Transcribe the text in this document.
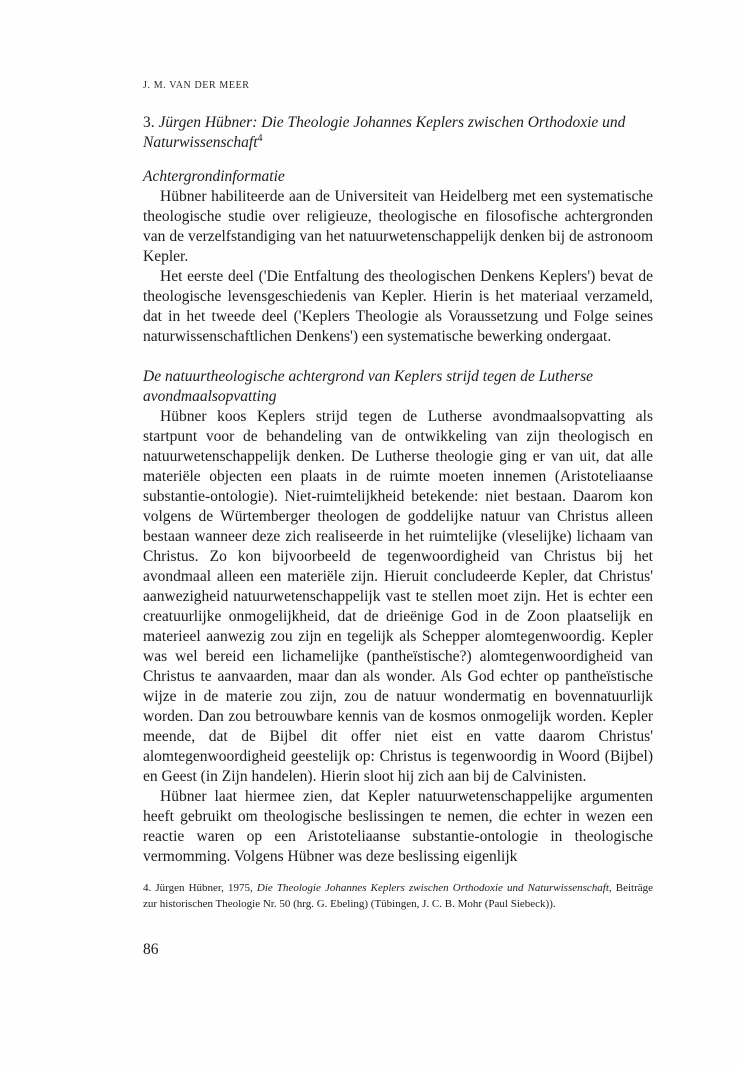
J. M. VAN DER MEER
3. Jürgen Hübner: Die Theologie Johannes Keplers zwischen Orthodoxie und Naturwissenschaft$^4$

Achtergrondinformatie

Hübner habiliteerde aan de Universiteit van Heidelberg met een systematische theologische studie over religieuze, theologische en filosofische achtergronden van de verzelfstandiging van het natuurwetenschappelijk denken bij de astronoom Kepler.

Het eerste deel ('Die Entfaltung des theologischen Denkens Keplers') bevat de theologische levensgeschiedenis van Kepler. Hierin is het materiaal verzameld, dat in het tweede deel ('Keplers Theologie als Voraussetzung und Folge seines naturwissenschaftlichen Denkens') een systematische bewerking ondergaat.

De natuurtheologische achtergrond van Keplers strijd tegen de Lutherse avondmaalsopvatting

Hübner koos Keplers strijd tegen de Lutherse avondmaalsopvatting als startpunt voor de behandeling van de ontwikkeling van zijn theologisch en natuurwetenschappelijk denken. De Lutherse theologie ging er van uit, dat alle materiële objecten een plaats in de ruimte moeten innemen (Aristoteliaanse substantie-ontologie). Niet-ruimtelijkheid betekende: niet bestaan. Daarom kon volgens de Würtemberger theologen de goddelijke natuur van Christus alleen bestaan wanneer deze zich realiseerde in het ruimtelijke (vleselijke) lichaam van Christus. Zo kon bijvoorbeeld de tegenwoordigheid van Christus bij het avondmaal alleen een materiële zijn. Hieruit concludeerde Kepler, dat Christus' aanwezigheid natuurwetenschappelijk vast te stellen moet zijn. Het is echter een creatuurlijke onmogelijkheid, dat de drieënige God in de Zoon plaatselijk en materieel aanwezig zou zijn en tegelijk als Schepper alomtegenwoordig. Kepler was wel bereid een lichamelijke (pantheïstische?) alomtegenwoordigheid van Christus te aanvaarden, maar dan als wonder. Als God echter op pantheïstische wijze in de materie zou zijn, zou de natuur wondermatig en bovennatuurlijk worden. Dan zou betrouwbare kennis van de kosmos onmogelijk worden. Kepler meende, dat de Bijbel dit offer niet eist en vatte daarom Christus' alomtegenwoordigheid geestelijk op: Christus is tegenwoordig in Woord (Bijbel) en Geest (in Zijn handelen). Hierin sloot hij zich aan bij de Calvinisten.

Hübner laat hiermee zien, dat Kepler natuurwetenschappelijke argumenten heeft gebruikt om theologische beslissingen te nemen, die echter in wezen een reactie waren op een Aristoteliaanse substantie-ontologie in theologische vermomming. Volgens Hübner was deze beslissing eigenlijk

4. Jürgen Hübner, 1975, Die Theologie Johannes Keplers zwischen Orthodoxie und Naturwissenschaft, Beiträge zur historischen Theologie Nr. 50 (hrg. G. Ebeling) (Tübingen, J. C. B. Mohr (Paul Siebeck)).

86
